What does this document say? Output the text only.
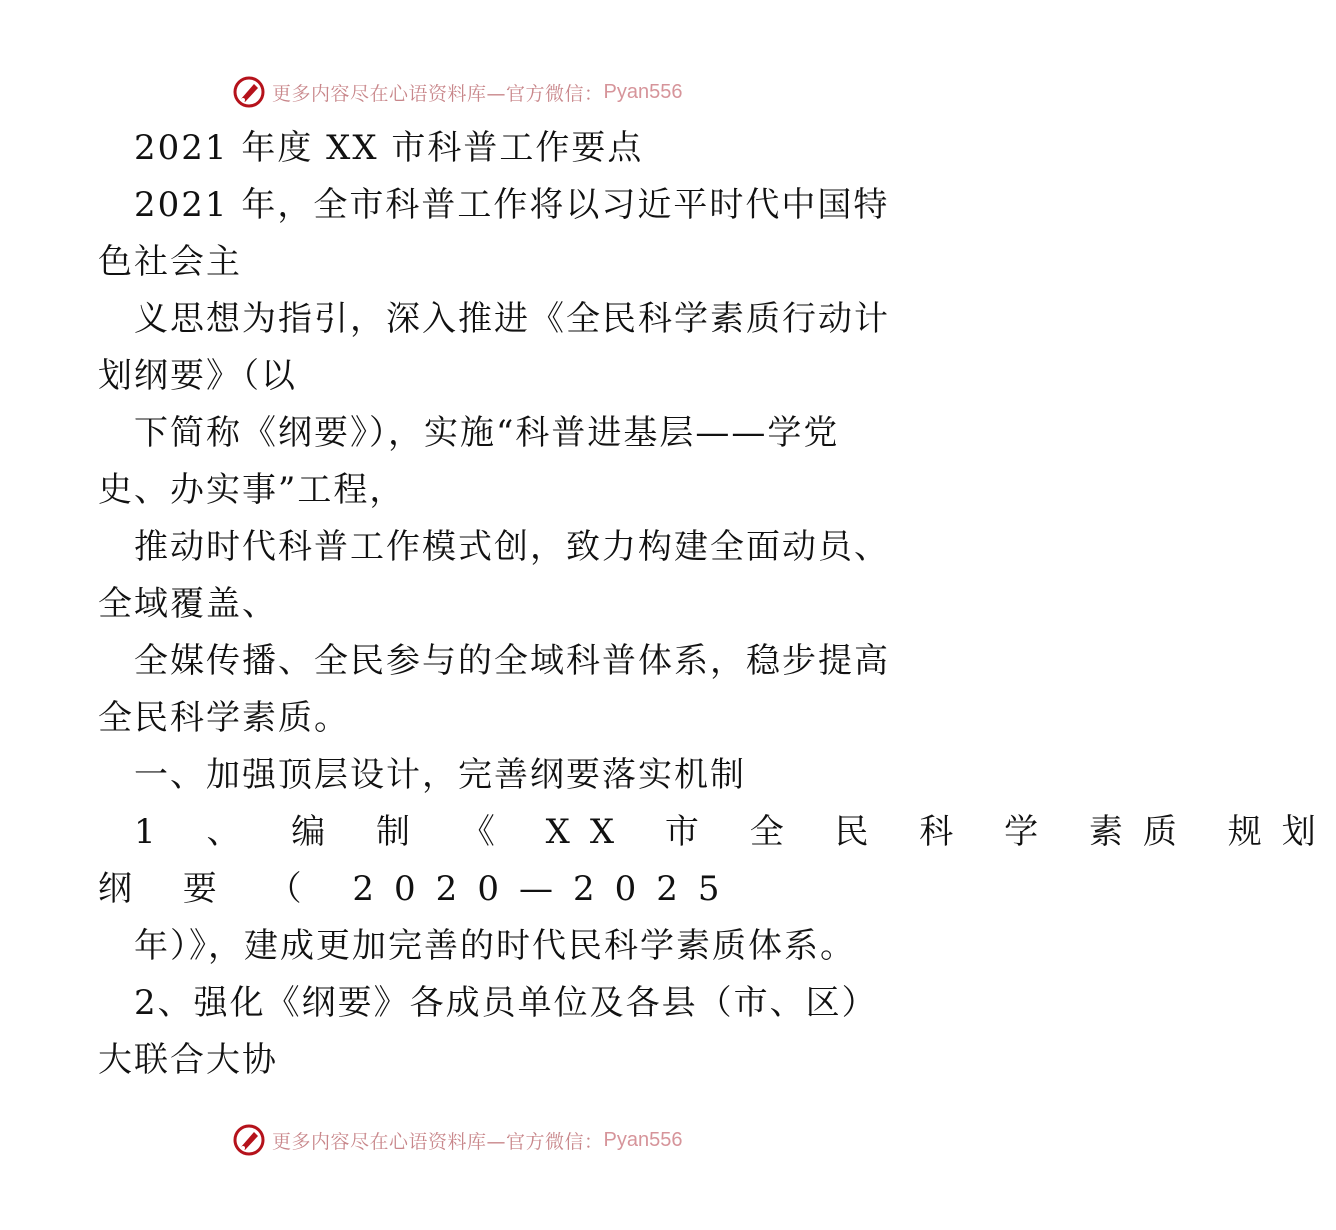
更多内容尽在心语资料库—官方微信： Pyan556
2021 年度 XX 市科普工作要点
2021 年，全市科普工作将以习近平时代中国特
色社会主
义思想为指引，深入推进《全民科学素质行动计
划纲要》（以
下简称《纲要》），实施“科普进基层——学党
史、办实事”工程，
推动时代科普工作模式创，致力构建全面动员、
全域覆盖、
全媒传播、全民参与的全域科普体系，稳步提高
全民科学素质。
一、加强顶层设计，完善纲要落实机制
1 、 编 制 《 XX 市 全 民 科 学 素质 规划
纲 要 （ 2020—2025
年）》，建成更加完善的时代民科学素质体系。
2、强化《纲要》各成员单位及各县（市、区）
大联合大协
更多内容尽在心语资料库—官方微信： Pyan556
